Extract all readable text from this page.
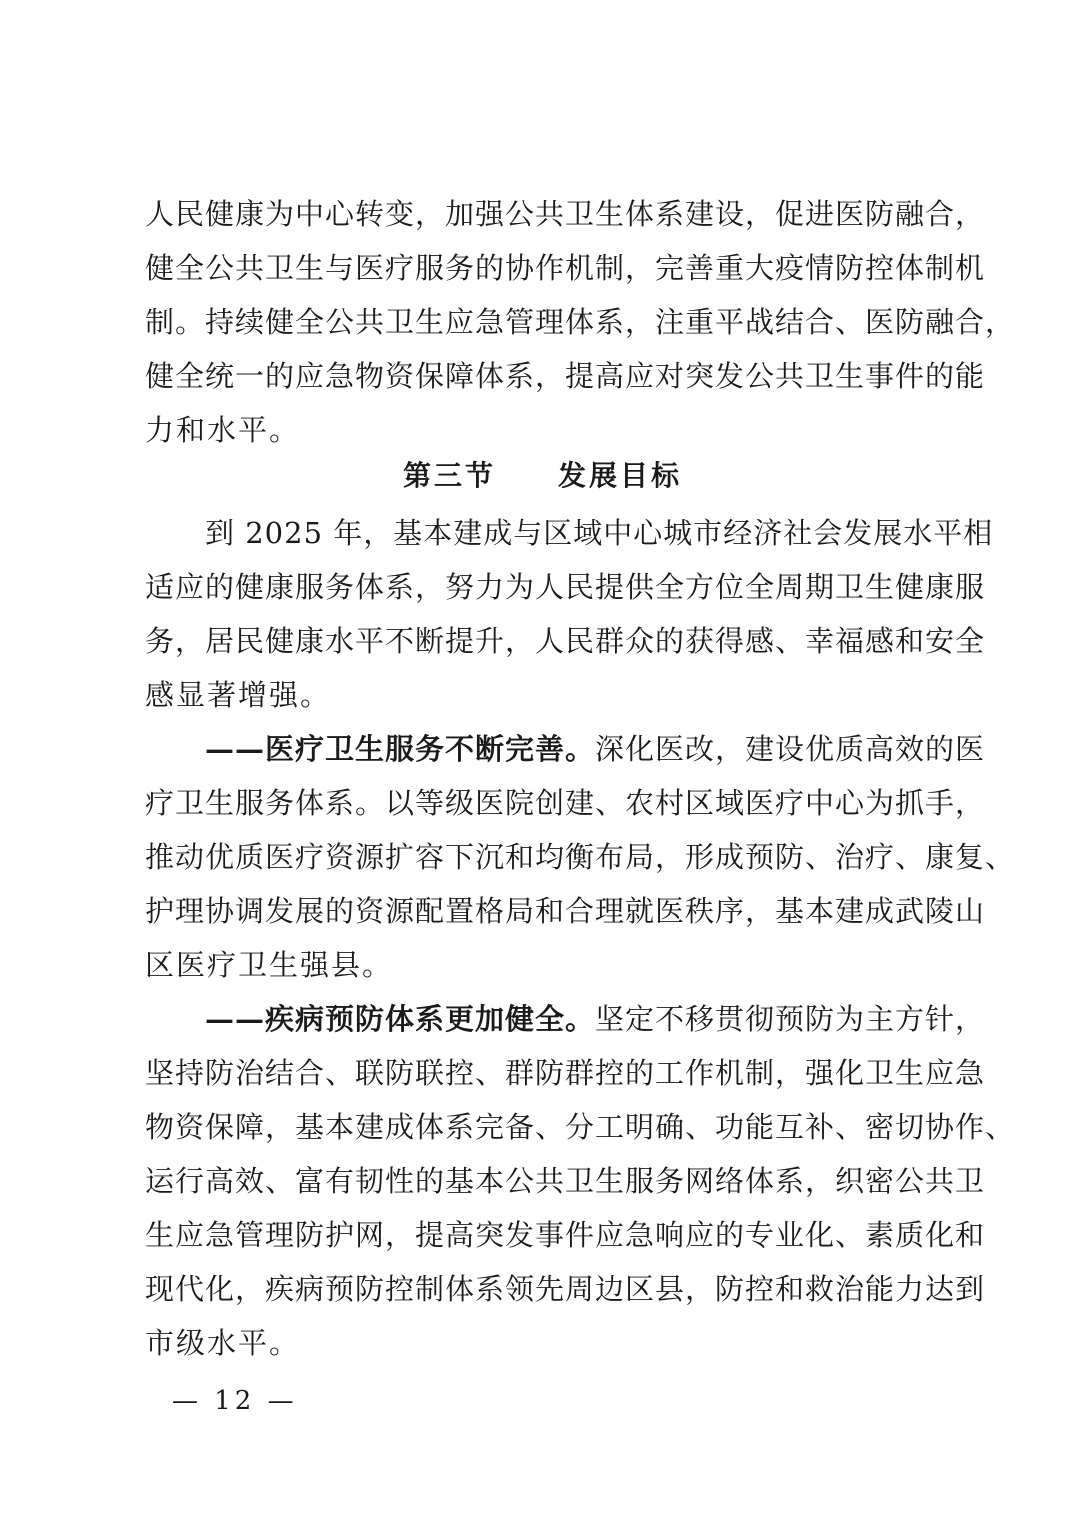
人民健康为中心转变，加强公共卫生体系建设，促进医防融合，
健全公共卫生与医疗服务的协作机制，完善重大疫情防控体制机
制。持续健全公共卫生应急管理体系，注重平战结合、医防融合，
健全统一的应急物资保障体系，提高应对突发公共卫生事件的能
力和水平。
第三节　　发展目标
　　到 2025 年，基本建成与区域中心城市经济社会发展水平相
适应的健康服务体系，努力为人民提供全方位全周期卫生健康服
务，居民健康水平不断提升，人民群众的获得感、幸福感和安全
感显著增强。
　　——医疗卫生服务不断完善。深化医改，建设优质高效的医
疗卫生服务体系。以等级医院创建、农村区域医疗中心为抓手，
推动优质医疗资源扩容下沉和均衡布局，形成预防、治疗、康复、
护理协调发展的资源配置格局和合理就医秩序，基本建成武陵山
区医疗卫生强县。
　　——疾病预防体系更加健全。坚定不移贯彻预防为主方针，
坚持防治结合、联防联控、群防群控的工作机制，强化卫生应急
物资保障，基本建成体系完备、分工明确、功能互补、密切协作、
运行高效、富有韧性的基本公共卫生服务网络体系，织密公共卫
生应急管理防护网，提高突发事件应急响应的专业化、素质化和
现代化，疾病预防控制体系领先周边区县，防控和救治能力达到
市级水平。
— 12 —
